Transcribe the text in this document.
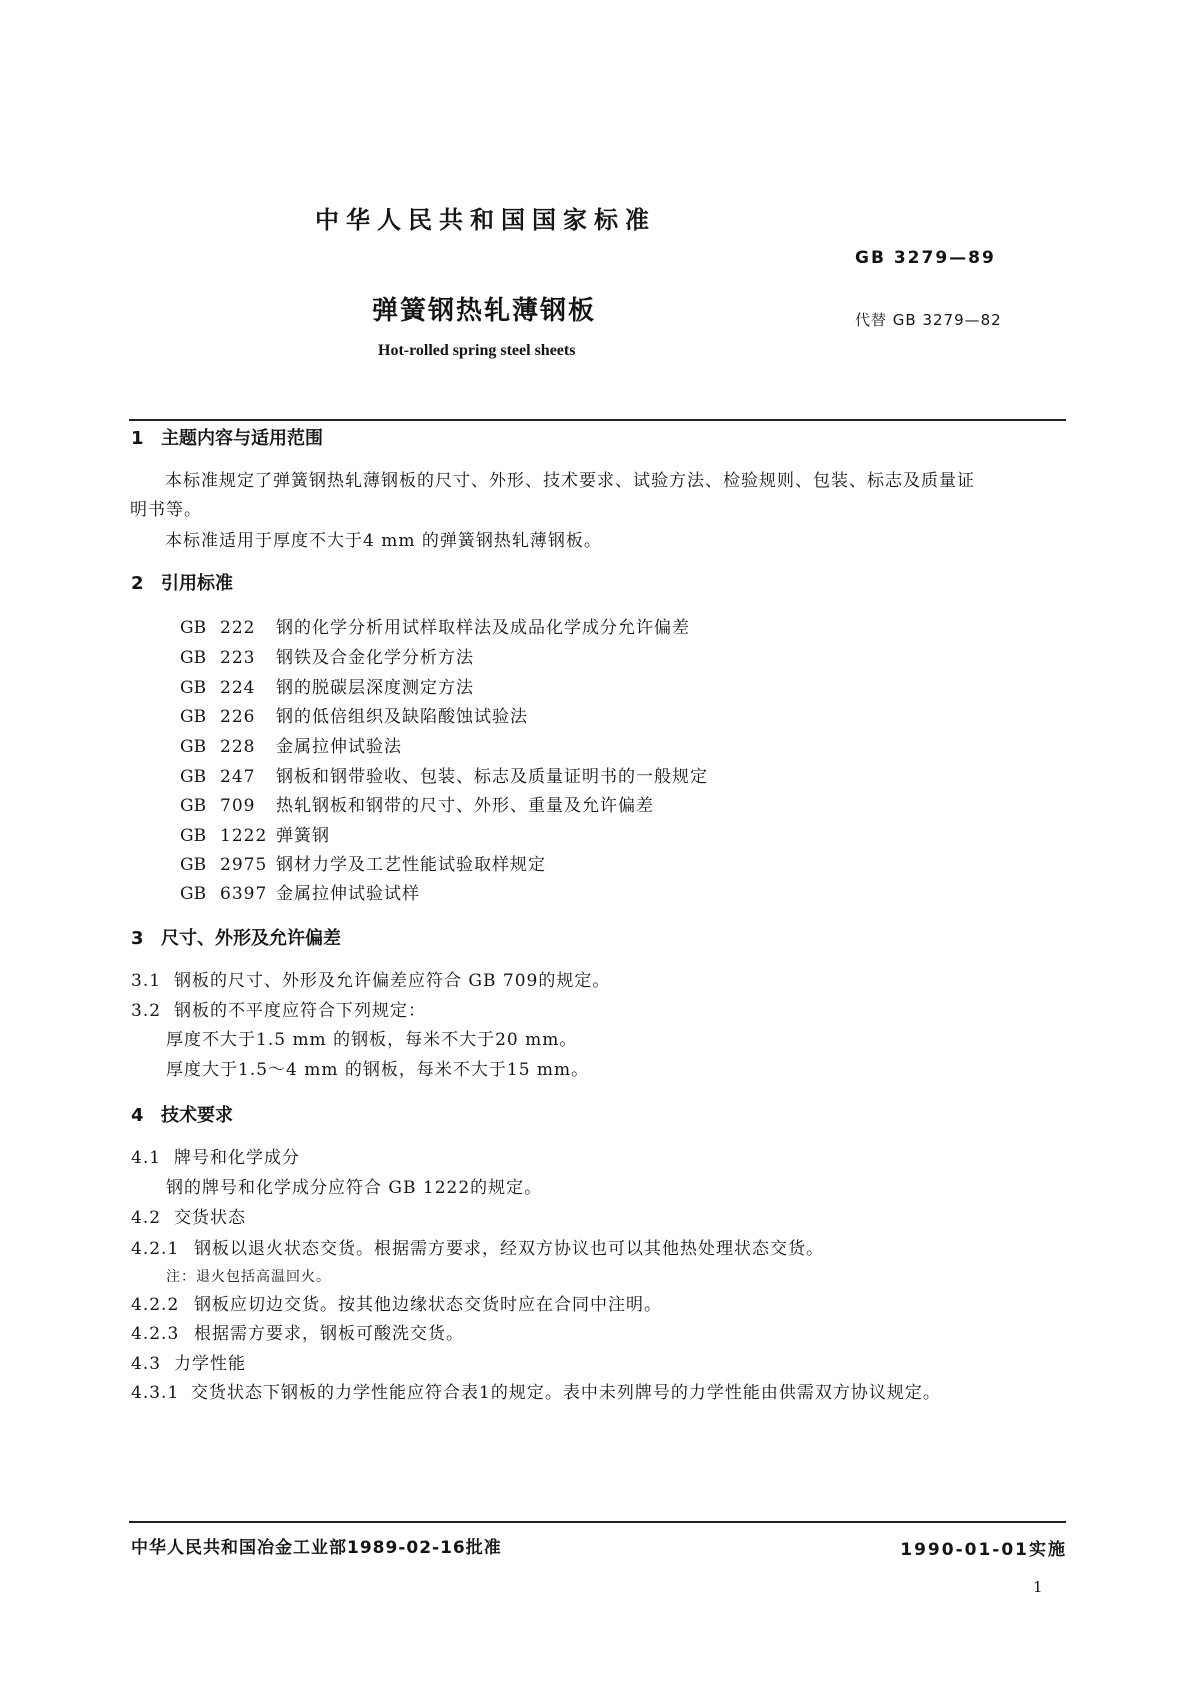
中华人民共和国国家标准
GB 3279—89
弹簧钢热轧薄钢板	代替 GB 3279—82
Hot-rolled spring steel sheets
1 主题内容与适用范围
本标准规定了弹簧钢热轧薄钢板的尺寸、外形、技术要求、试验方法、检验规则、包装、标志及质量证
明书等。
本标准适用于厚度不大于4 mm 的弹簧钢热轧薄钢板。
2 引用标准
GB 222 钢的化学分析用试样取样法及成品化学成分允许偏差
GB 223 钢铁及合金化学分析方法
GB 224 钢的脱碳层深度测定方法
GB 226 钢的低倍组织及缺陷酸蚀试验法
GB 228 金属拉伸试验法
GB 247 钢板和钢带验收、包装、标志及质量证明书的一般规定
GB 709 热轧钢板和钢带的尺寸、外形、重量及允许偏差
GB 1222 弹簧钢
GB 2975 钢材力学及工艺性能试验取样规定
GB 6397 金属拉伸试验试样
3 尺寸、外形及允许偏差
3.1 钢板的尺寸、外形及允许偏差应符合 GB 709的规定。
3.2 钢板的不平度应符合下列规定：
厚度不大于1.5 mm 的钢板，每米不大于20 mm。
厚度大于1.5～4 mm 的钢板，每米不大于15 mm。
4 技术要求
4.1 牌号和化学成分
钢的牌号和化学成分应符合 GB 1222的规定。
4.2 交货状态
4.2.1 钢板以退火状态交货。根据需方要求，经双方协议也可以其他热处理状态交货。
注：退火包括高温回火。
4.2.2 钢板应切边交货。按其他边缘状态交货时应在合同中注明。
4.2.3 根据需方要求，钢板可酸洗交货。
4.3 力学性能
4.3.1 交货状态下钢板的力学性能应符合表1的规定。表中未列牌号的力学性能由供需双方协议规定。
中华人民共和国冶金工业部1989-02-16批准	1990-01-01实施
1
